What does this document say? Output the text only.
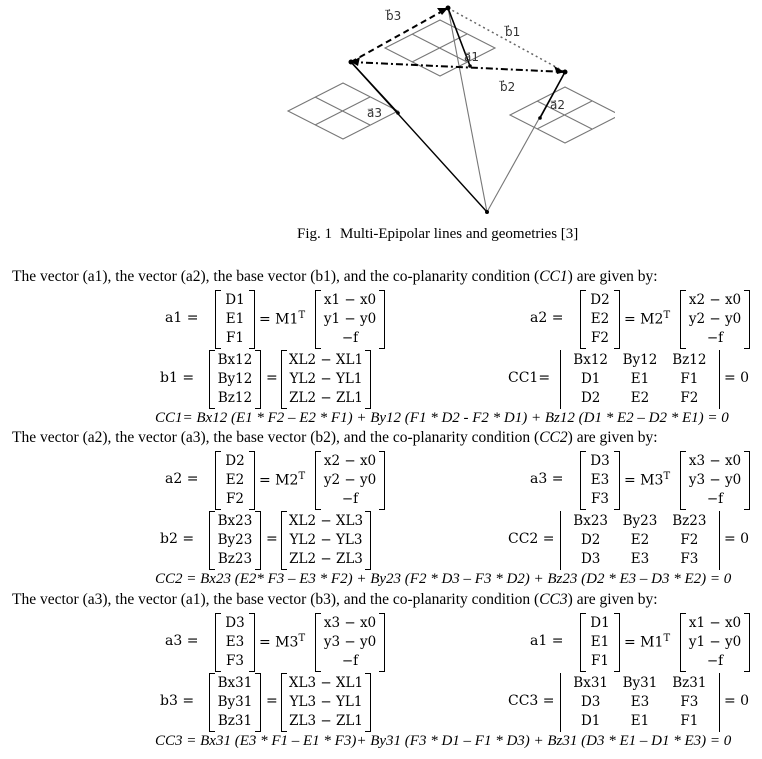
b⃗3
b⃗1
a⃗1
b⃗2
a⃗3
a⃗2
Fig. 1 Multi-Epipolar lines and geometries [3]
The vector (a1), the vector (a2), the base vector (b1), and the co-planarity condition (CC1) are given by:
a1 =
D1
E1
F1
= $M1^T$
x1 − x0
y1 − y0
−f
a2 =
D2
E2
F2
= $M2^T$
x2 − x0
y2 − y0
−f
b1 =
Bx12
By12
Bz12
=
XL2 − XL1
YL2 − YL1
ZL2 − ZL1
CC1=
Bx12	By12	Bz12
D1	E1	F1
D2	E2	F2
= 0
CC1= Bx12 (E1 * F2 – E2 * F1) + By12 (F1 * D2 - F2 * D1) + Bz12 (D1 * E2 – D2 * E1) = 0
The vector (a2), the vector (a3), the base vector (b2), and the co-planarity condition (CC2) are given by:
a2 =
D2
E2
F2
= $M2^T$
x2 − x0
y2 − y0
−f
a3 =
D3
E3
F3
= $M3^T$
x3 − x0
y3 − y0
−f
b2 =
Bx23
By23
Bz23
=
XL2 − XL3
YL2 − YL3
ZL2 − ZL3
CC2 =
Bx23	By23	Bz23
D2	E2	F2
D3	E3	F3
= 0
CC2 = Bx23 (E2* F3 – E3 * F2) + By23 (F2 * D3 – F3 * D2) + Bz23 (D2 * E3 – D3 * E2) = 0
The vector (a3), the vector (a1), the base vector (b3), and the co-planarity condition (CC3) are given by:
a3 =
D3
E3
F3
= $M3^T$
x3 − x0
y3 − y0
−f
a1 =
D1
E1
F1
= $M1^T$
x1 − x0
y1 − y0
−f
b3 =
Bx31
By31
Bz31
=
XL3 − XL1
YL3 − YL1
ZL3 − ZL1
CC3 =
Bx31	By31	Bz31
D3	E3	F3
D1	E1	F1
= 0
CC3 = Bx31 (E3 * F1 – E1 * F3)+ By31 (F3 * D1 – F1 * D3) + Bz31 (D3 * E1 – D1 * E3) = 0
